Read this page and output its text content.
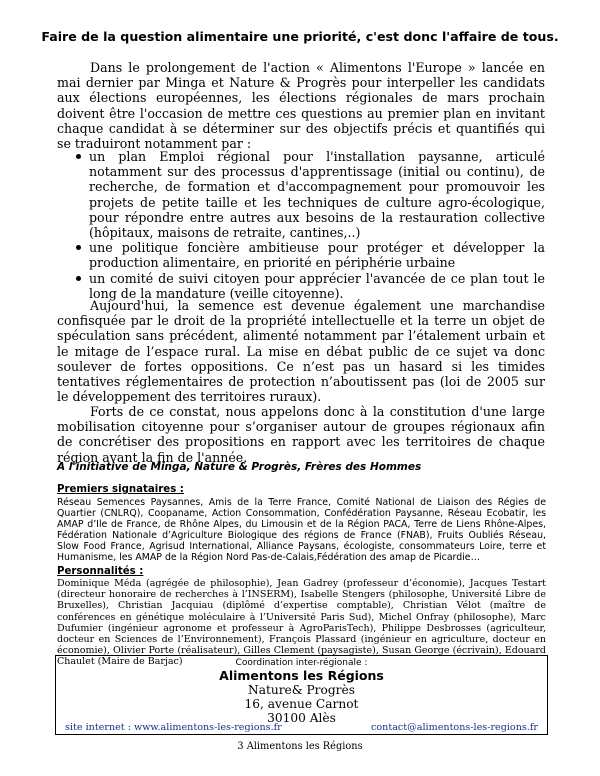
Faire de la question alimentaire une priorité, c'est donc l'affaire de tous.

Dans le prolongement de l'action « Alimentons l'Europe » lancée en mai dernier par Minga et Nature & Progrès pour interpeller les candidats aux élections européennes, les élections régionales de mars prochain doivent être l'occasion de mettre ces questions au premier plan en invitant chaque candidat à se déterminer sur des objectifs précis et quantifiés qui se traduiront notamment par :

un plan Emploi régional pour l'installation paysanne, articulé notamment sur des processus d'apprentissage (initial ou continu), de recherche, de formation et d'accompagnement pour promouvoir les projets de petite taille et les techniques de culture agro-écologique, pour répondre entre autres aux besoins de la restauration collective (hôpitaux, maisons de retraite, cantines,..)
une politique foncière ambitieuse pour protéger et développer la production alimentaire, en priorité en périphérie urbaine
un comité de suivi citoyen pour apprécier l'avancée de ce plan tout le long de la mandature (veille citoyenne).

Aujourd'hui, la semence est devenue également une marchandise confisquée par le droit de la propriété intellectuelle et la terre un objet de spéculation sans précédent, alimenté notamment par l’étalement urbain et le mitage de l’espace rural. La mise en débat public de ce sujet va donc soulever de fortes oppositions. Ce n’est pas un hasard si les timides tentatives réglementaires de protection n’aboutissent pas (loi de 2005 sur le développement des territoires ruraux).

Forts de ce constat, nous appelons donc à la constitution d'une large mobilisation citoyenne pour s’organiser autour de groupes régionaux afin de concrétiser des propositions en rapport avec les territoires de chaque région avant la fin de l'année.

A l'initiative de Minga, Nature & Progrès, Frères des Hommes
Premiers signataires :
Réseau Semences Paysannes, Amis de la Terre France, Comité National de Liaison des Régies de Quartier (CNLRQ), Coopaname, Action Consommation, Confédération Paysanne, Réseau Ecobatir, les AMAP d’Ile de France, de Rhône Alpes, du Limousin et de la Région PACA, Terre de Liens Rhône-Alpes, Fédération Nationale d’Agriculture Biologique des régions de France (FNAB), Fruits Oubliés Réseau, Slow Food France, Agrisud International, Alliance Paysans, écologiste, consommateurs Loire, terre et Humanisme, les AMAP de la Région Nord Pas-de-Calais,Fédération des amap de Picardie…
Personnalités :
Dominique Méda (agrégée de philosophie), Jean Gadrey (professeur d’économie), Jacques Testart (directeur honoraire de recherches à l’INSERM), Isabelle Stengers (philosophe, Université Libre de Bruxelles), Christian Jacquiau (diplômé d’expertise comptable), Christian Vélot (maître de conférences en génétique moléculaire à l’Université Paris Sud), Michel Onfray (philosophe), Marc Dufumier (ingénieur agronome et professeur à AgroParisTech), Philippe Desbrosses (agriculteur, docteur en Sciences de l’Environnement), François Plassard (ingénieur en agriculture, docteur en économie), Olivier Porte (réalisateur), Gilles Clement (paysagiste), Susan George (écrivain), Edouard Chaulet (Maire de Barjac)	Coordination inter-régionale :
Alimentons les Régions
Nature& Progrès
16, avenue Carnot
30100 Alès
site internet : www.alimentons-les-regions.fr	contact@alimentons-les-regions.fr
3 Alimentons les Régions
